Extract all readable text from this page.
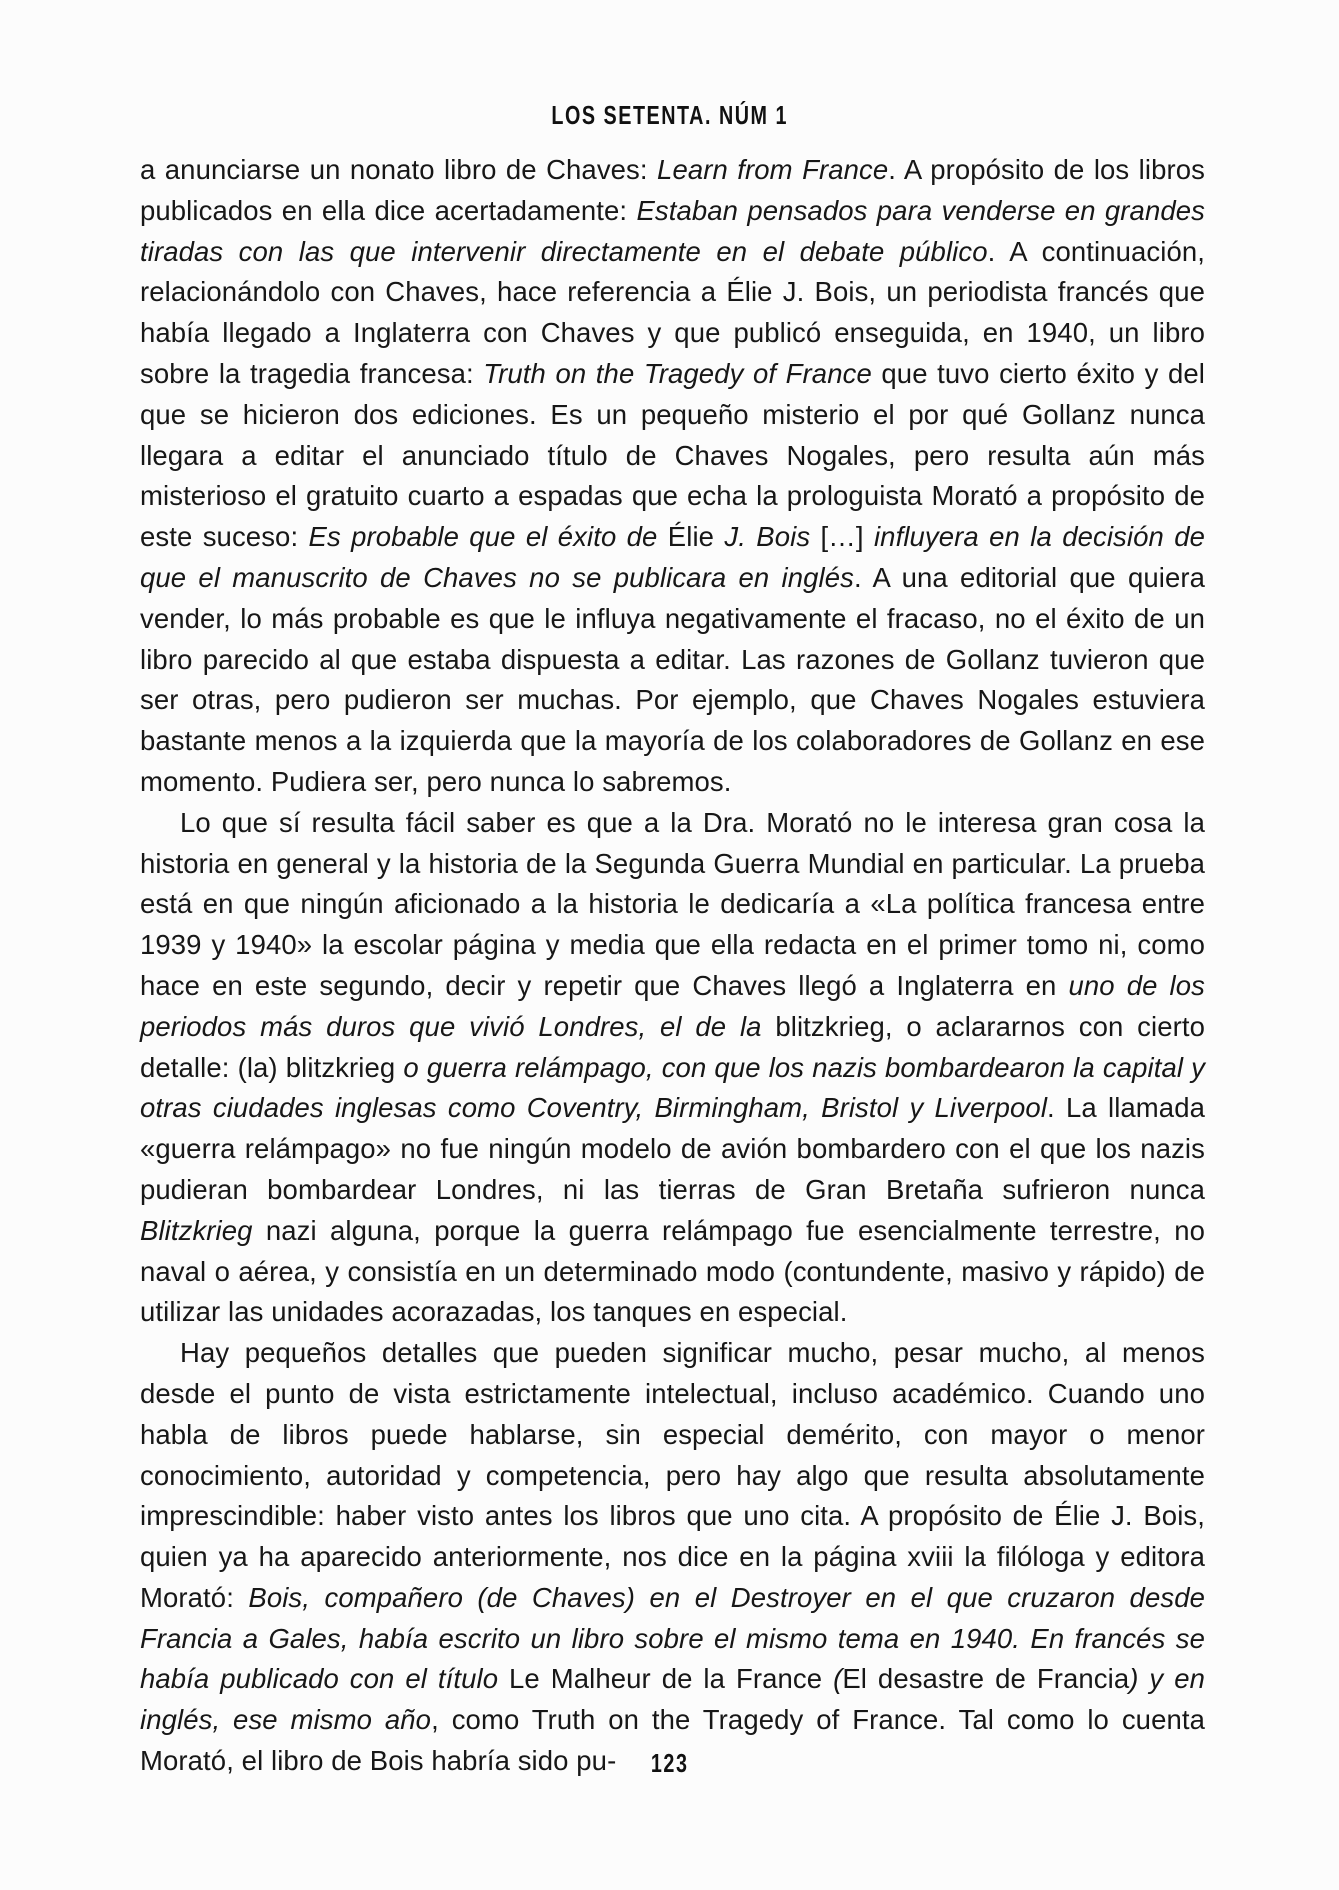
LOS SETENTA. NÚM 1

a anunciarse un nonato libro de Chaves: Learn from France. A propósito de los libros publicados en ella dice acertadamente: Estaban pensados para venderse en grandes tiradas con las que intervenir directamente en el debate público. A continuación, relacionándolo con Chaves, hace referencia a Élie J. Bois, un periodista francés que había llegado a Inglaterra con Chaves y que publicó enseguida, en 1940, un libro sobre la tragedia francesa: Truth on the Tragedy of France que tuvo cierto éxito y del que se hicieron dos ediciones. Es un pequeño misterio el por qué Gollanz nunca llegara a editar el anunciado título de Chaves Nogales, pero resulta aún más misterioso el gratuito cuarto a espadas que echa la prologuista Morató a propósito de este suceso: Es probable que el éxito de Élie J. Bois […] influyera en la decisión de que el manuscrito de Chaves no se publicara en inglés. A una editorial que quiera vender, lo más probable es que le influya negativamente el fracaso, no el éxito de un libro parecido al que estaba dispuesta a editar. Las razones de Gollanz tuvieron que ser otras, pero pudieron ser muchas. Por ejemplo, que Chaves Nogales estuviera bastante menos a la izquierda que la mayoría de los colaboradores de Gollanz en ese momento. Pudiera ser, pero nunca lo sabremos.

Lo que sí resulta fácil saber es que a la Dra. Morató no le interesa gran cosa la historia en general y la historia de la Segunda Guerra Mundial en particular. La prueba está en que ningún aficionado a la historia le dedicaría a «La política francesa entre 1939 y 1940» la escolar página y media que ella redacta en el primer tomo ni, como hace en este segundo, decir y repetir que Chaves llegó a Inglaterra en uno de los periodos más duros que vivió Londres, el de la blitzkrieg, o aclararnos con cierto detalle: (la) blitzkrieg o guerra relámpago, con que los nazis bombardearon la capital y otras ciudades inglesas como Coventry, Birmingham, Bristol y Liverpool. La llamada «guerra relámpago» no fue ningún modelo de avión bombardero con el que los nazis pudieran bombardear Londres, ni las tierras de Gran Bretaña sufrieron nunca Blitzkrieg nazi alguna, porque la guerra relámpago fue esencialmente terrestre, no naval o aérea, y consistía en un determinado modo (contundente, masivo y rápido) de utilizar las unidades acorazadas, los tanques en especial.

Hay pequeños detalles que pueden significar mucho, pesar mucho, al menos desde el punto de vista estrictamente intelectual, incluso académico. Cuando uno habla de libros puede hablarse, sin especial demérito, con mayor o menor conocimiento, autoridad y competencia, pero hay algo que resulta absolutamente imprescindible: haber visto antes los libros que uno cita. A propósito de Élie J. Bois, quien ya ha aparecido anteriormente, nos dice en la página xviii la filóloga y editora Morató: Bois, compañero (de Chaves) en el Destroyer en el que cruzaron desde Francia a Gales, había escrito un libro sobre el mismo tema en 1940. En francés se había publicado con el título Le Malheur de la France (El desastre de Francia) y en inglés, ese mismo año, como Truth on the Tragedy of France. Tal como lo cuenta Morató, el libro de Bois habría sido pu-	123
